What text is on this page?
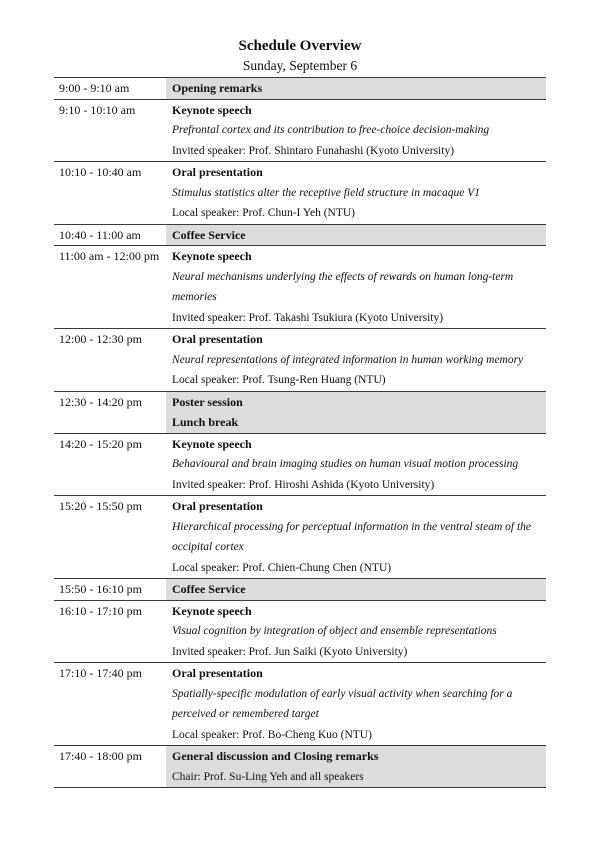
Schedule Overview
Sunday, September 6
9:00 - 9:10 am	Opening remarks
9:10 - 10:10 am	Keynote speech
Prefrontal cortex and its contribution to free-choice decision-making
Invited speaker: Prof. Shintaro Funahashi (Kyoto University)
10:10 - 10:40 am	Oral presentation
Stimulus statistics alter the receptive field structure in macaque V1
Local speaker: Prof. Chun-I Yeh (NTU)
10:40 - 11:00 am	Coffee Service
11:00 am - 12:00 pm	Keynote speech
Neural mechanisms underlying the effects of rewards on human long-term
memories
Invited speaker: Prof. Takashi Tsukiura (Kyoto University)
12:00 - 12:30 pm	Oral presentation
Neural representations of integrated information in human working memory
Local speaker: Prof. Tsung-Ren Huang (NTU)
12:30 - 14:20 pm	Poster session
Lunch break
14:20 - 15:20 pm	Keynote speech
Behavioural and brain imaging studies on human visual motion processing
Invited speaker: Prof. Hiroshi Ashida (Kyoto University)
15:20 - 15:50 pm	Oral presentation
Hierarchical processing for perceptual information in the ventral steam of the
occipital cortex
Local speaker: Prof. Chien-Chung Chen (NTU)
15:50 - 16:10 pm	Coffee Service
16:10 - 17:10 pm	Keynote speech
Visual cognition by integration of object and ensemble representations
Invited speaker: Prof. Jun Saiki (Kyoto University)
17:10 - 17:40 pm	Oral presentation
Spatially-specific modulation of early visual activity when searching for a
perceived or remembered target
Local speaker: Prof. Bo-Cheng Kuo (NTU)
17:40 - 18:00 pm	General discussion and Closing remarks
Chair: Prof. Su-Ling Yeh and all speakers
